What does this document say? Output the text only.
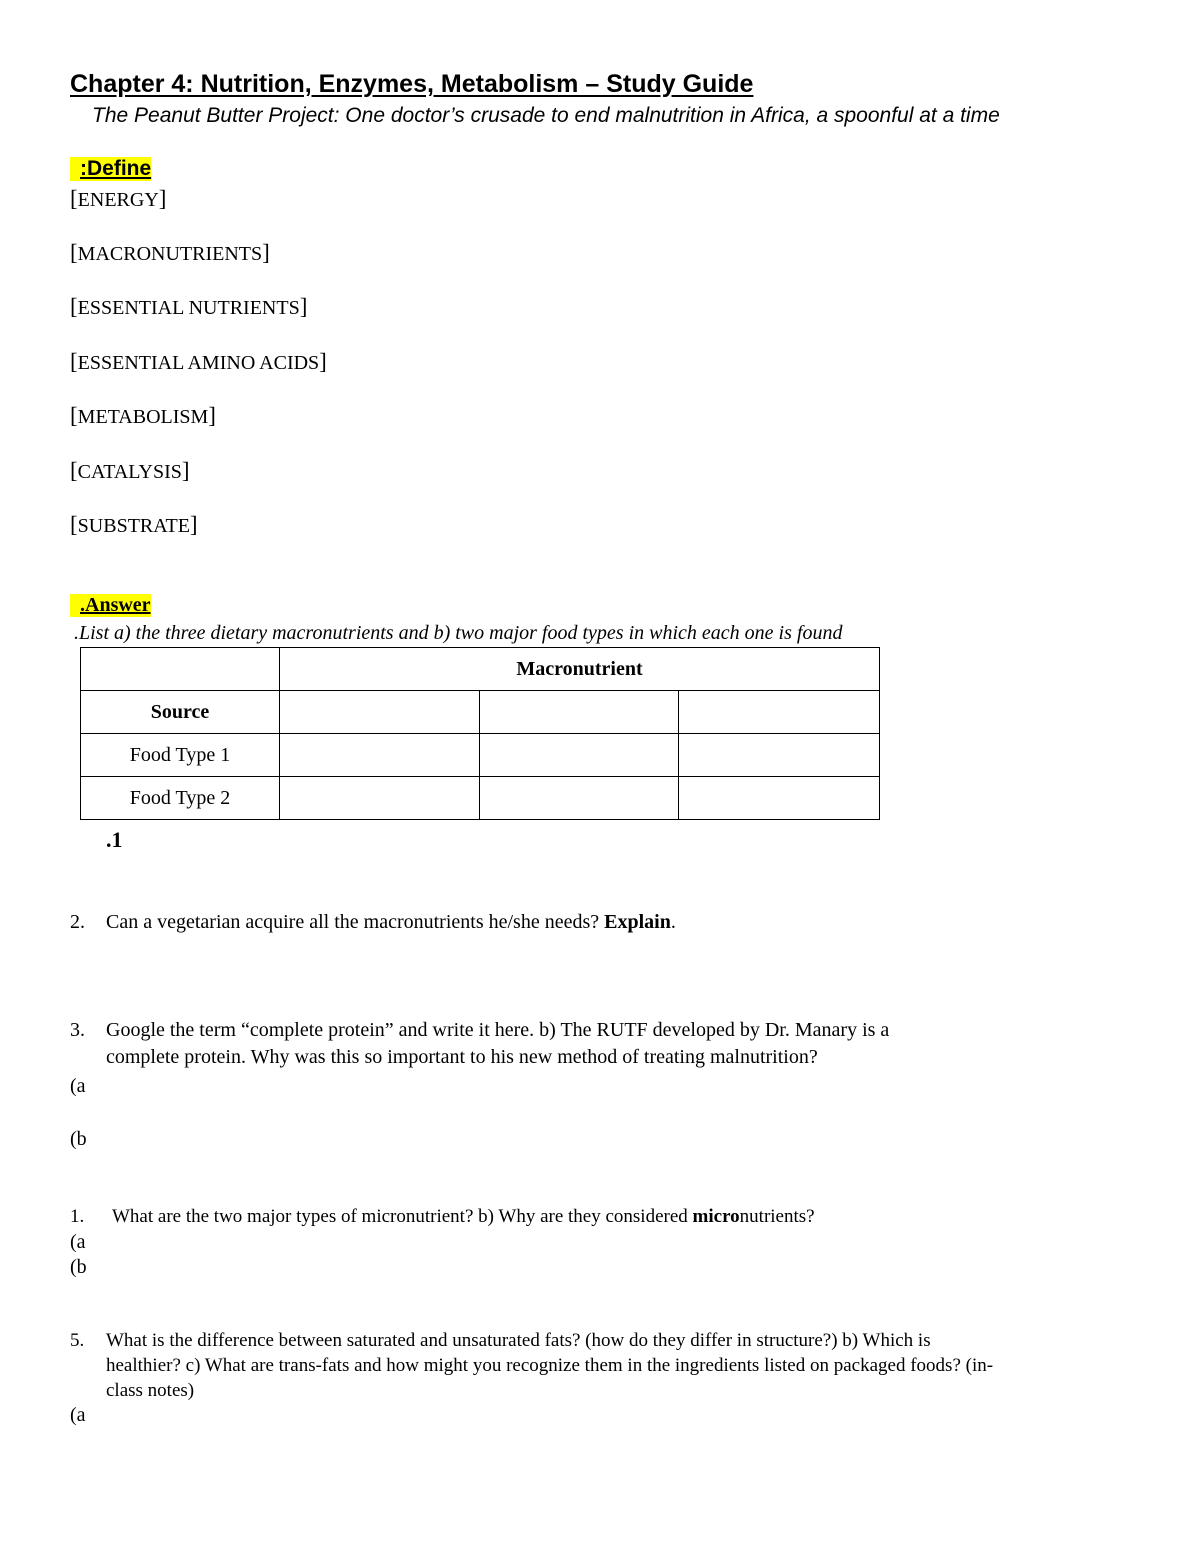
Chapter 4: Nutrition, Enzymes, Metabolism – Study Guide
The Peanut Butter Project: One doctor’s crusade to end malnutrition in Africa, a spoonful at a time
:Define
[ENERGY]
[MACRONUTRIENTS]
[ESSENTIAL NUTRIENTS]
[ESSENTIAL AMINO ACIDS]
[METABOLISM]
[CATALYSIS]
[SUBSTRATE]
.Answer
.List a) the three dietary macronutrients and b) two major food types in which each one is found
	Macronutrient		
Source			
Food Type 1			
Food Type 2			
.1
2. Can a vegetarian acquire all the macronutrients he/she needs? Explain.
3. Google the term “complete protein” and write it here. b) The RUTF developed by Dr. Manary is a
complete protein. Why was this so important to his new method of treating malnutrition?
(a
(b
1. What are the two major types of micronutrient? b) Why are they considered micronutrients?
(a
(b
5. What is the difference between saturated and unsaturated fats? (how do they differ in structure?) b) Which is
healthier? c) What are trans-fats and how might you recognize them in the ingredients listed on packaged foods? (in-
class notes)
(a
